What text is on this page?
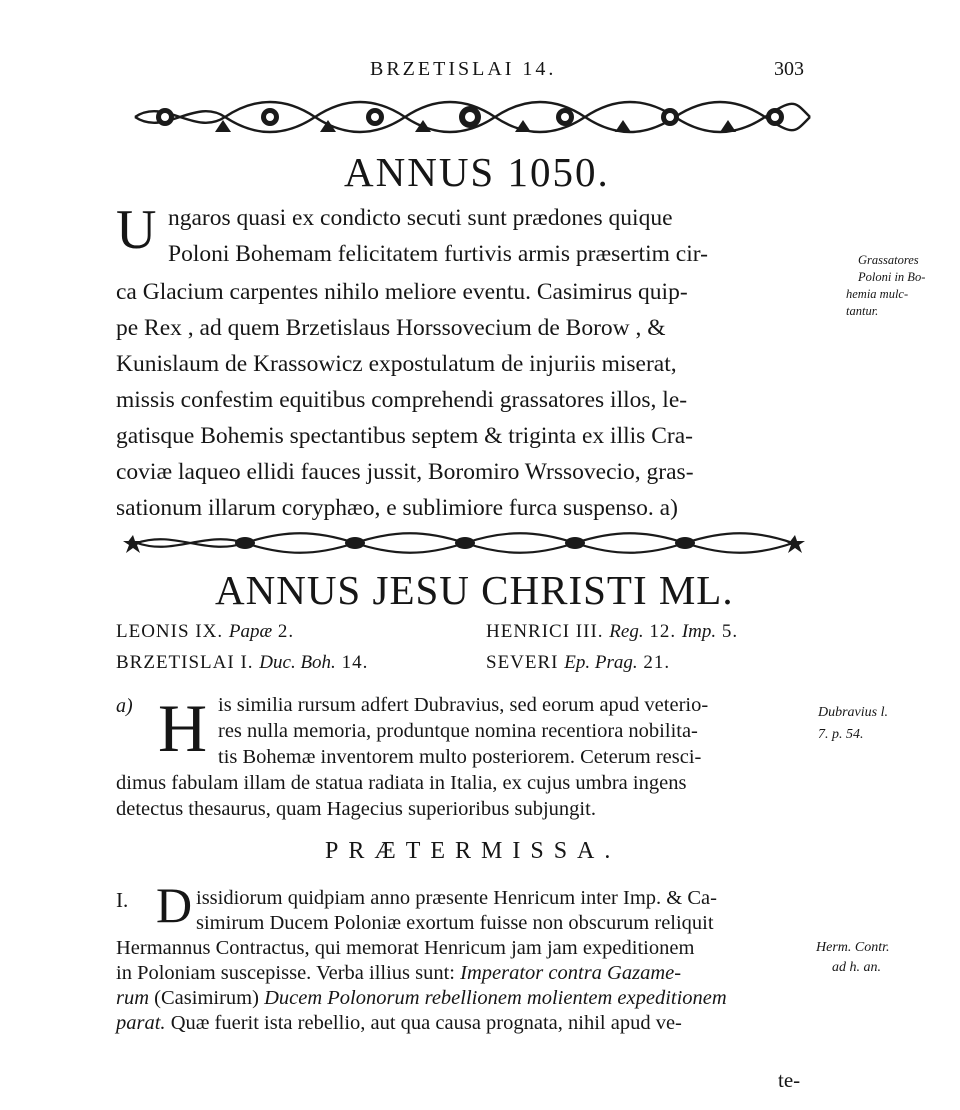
BRZETISLAI 14.	303
ANNUS 1050.
U ngaros quasi ex condicto secuti sunt prædones quique
Poloni Bohemam felicitatem furtivis armis præsertim cir-
ca Glacium carpentes nihilo meliore eventu. Casimirus quip-
pe Rex , ad quem Brzetislaus Horssovecium de Borow , &
Kunislaum de Krassowicz expostulatum de injuriis miserat,
missis confestim equitibus comprehendi grassatores illos, le-
gatisque Bohemis spectantibus septem & triginta ex illis Cra-
coviæ laqueo ellidi fauces jussit, Boromiro Wrssovecio, gras-
sationum illarum coryphæo, e sublimiore furca suspenso. a)
Grassatores
Poloni in Bo-
hemia mulc-
tantur.
ANNUS JESU CHRISTI ML.
LEONIS IX. Papæ 2.	HENRICI III. Reg. 12. Imp. 5.
BRZETISLAI I. Duc. Boh. 14.	SEVERI Ep. Prag. 21.
a) H is similia rursum adfert Dubravius, sed eorum apud veterio-
res nulla memoria, produntque nomina recentiora nobilita-
tis Bohemæ inventorem multo posteriorem. Ceterum resci-
dimus fabulam illam de statua radiata in Italia, ex cujus umbra ingens
detectus thesaurus, quam Hagecius superioribus subjungit.
Dubravius l.
7. p. 54.
PRÆTERMISSA.
I. D issidiorum quidpiam anno præsente Henricum inter Imp. & Ca-
simirum Ducem Poloniæ exortum fuisse non obscurum reliquit
Hermannus Contractus, qui memorat Henricum jam jam expeditionem
in Poloniam suscepisse. Verba illius sunt: Imperator contra Gazame-
rum (Casimirum) Ducem Polonorum rebellionem molientem expeditionem
parat. Quæ fuerit ista rebellio, aut qua causa prognata, nihil apud ve-
Herm. Contr.
ad h. an.
te-
